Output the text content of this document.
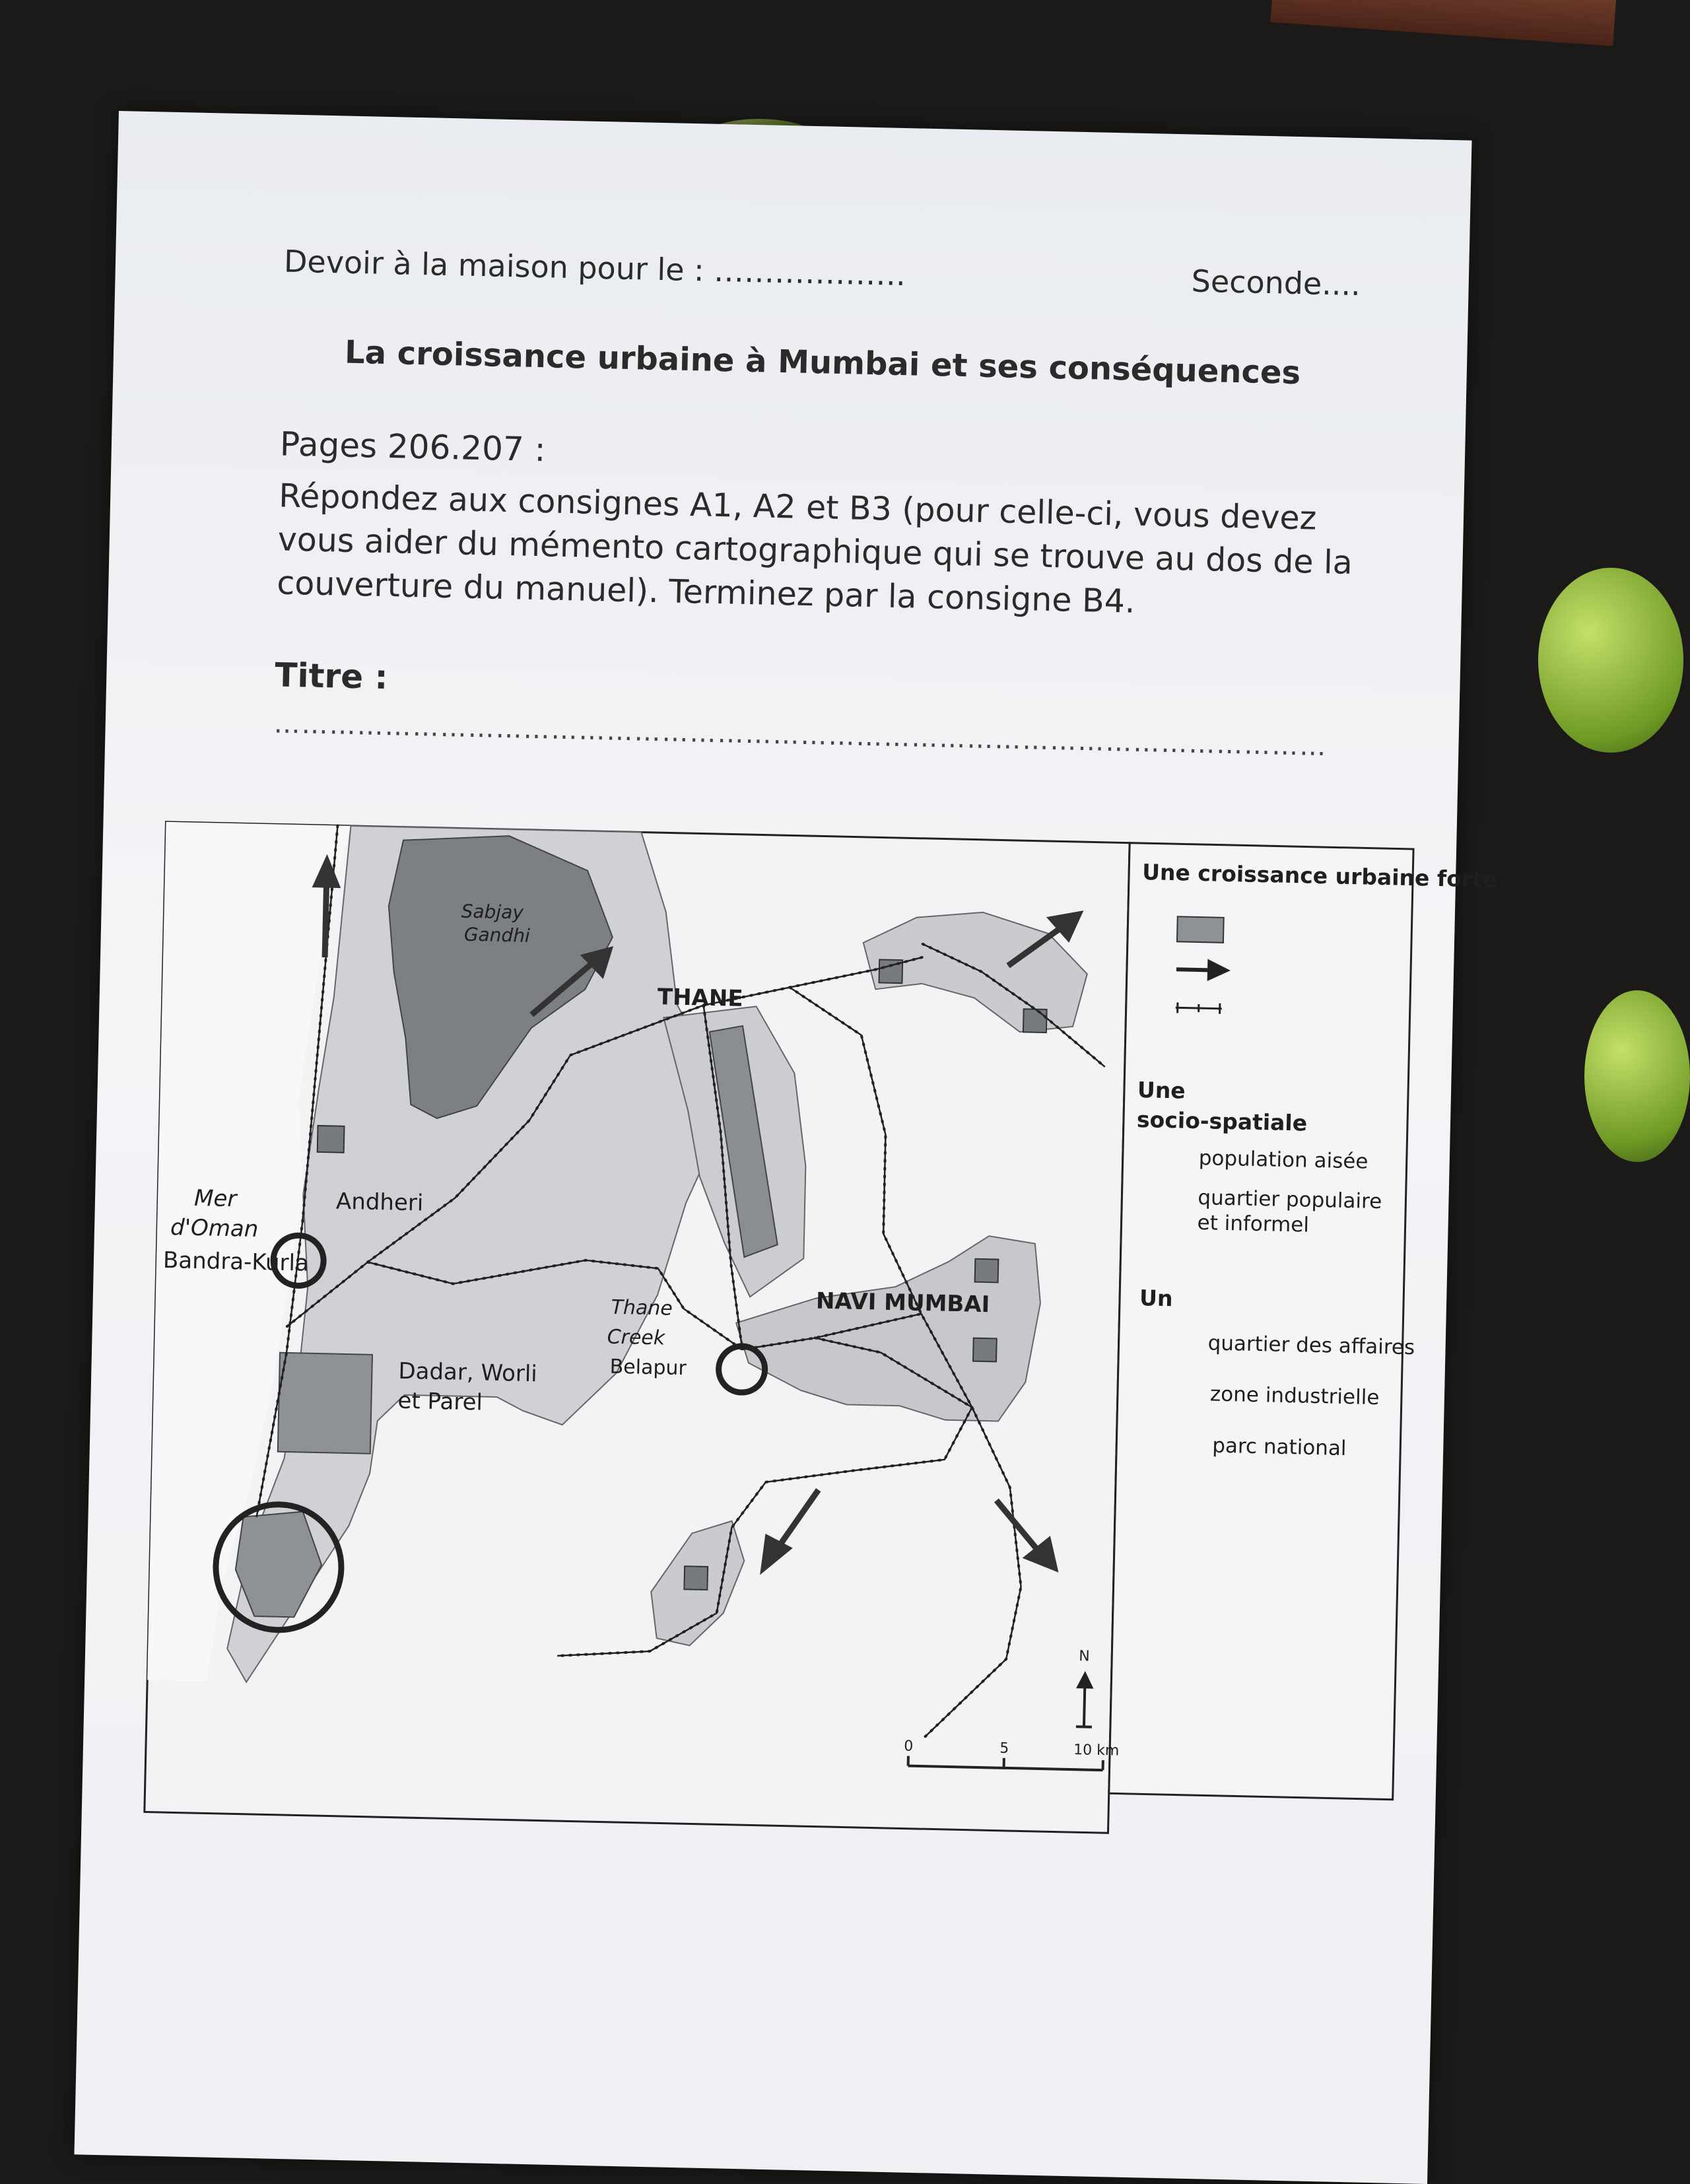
Devoir à la maison pour le : ……………….	Seconde....
La croissance urbaine à Mumbai et ses conséquences
Pages 206.207 :
Répondez aux consignes A1, A2 et B3 (pour celle-ci, vous devez vous aider du mémento cartographique qui se trouve au dos de la couverture du manuel). Terminez par la consigne B4.
Titre :
……………………………………………………………………………………………………
Sabjay
Gandhi
THANE
Andheri
Mer
d'Oman
Bandra-Kurla
Dadar, Worli
et Parel
Thane
Creek
Belapur
NAVI MUMBAI
0	5	10 km
N
Une croissance urbaine forte
Une
socio-spatiale
population aisée
quartier populaire
et informel
Un
quartier des affaires
zone industrielle
parc national
